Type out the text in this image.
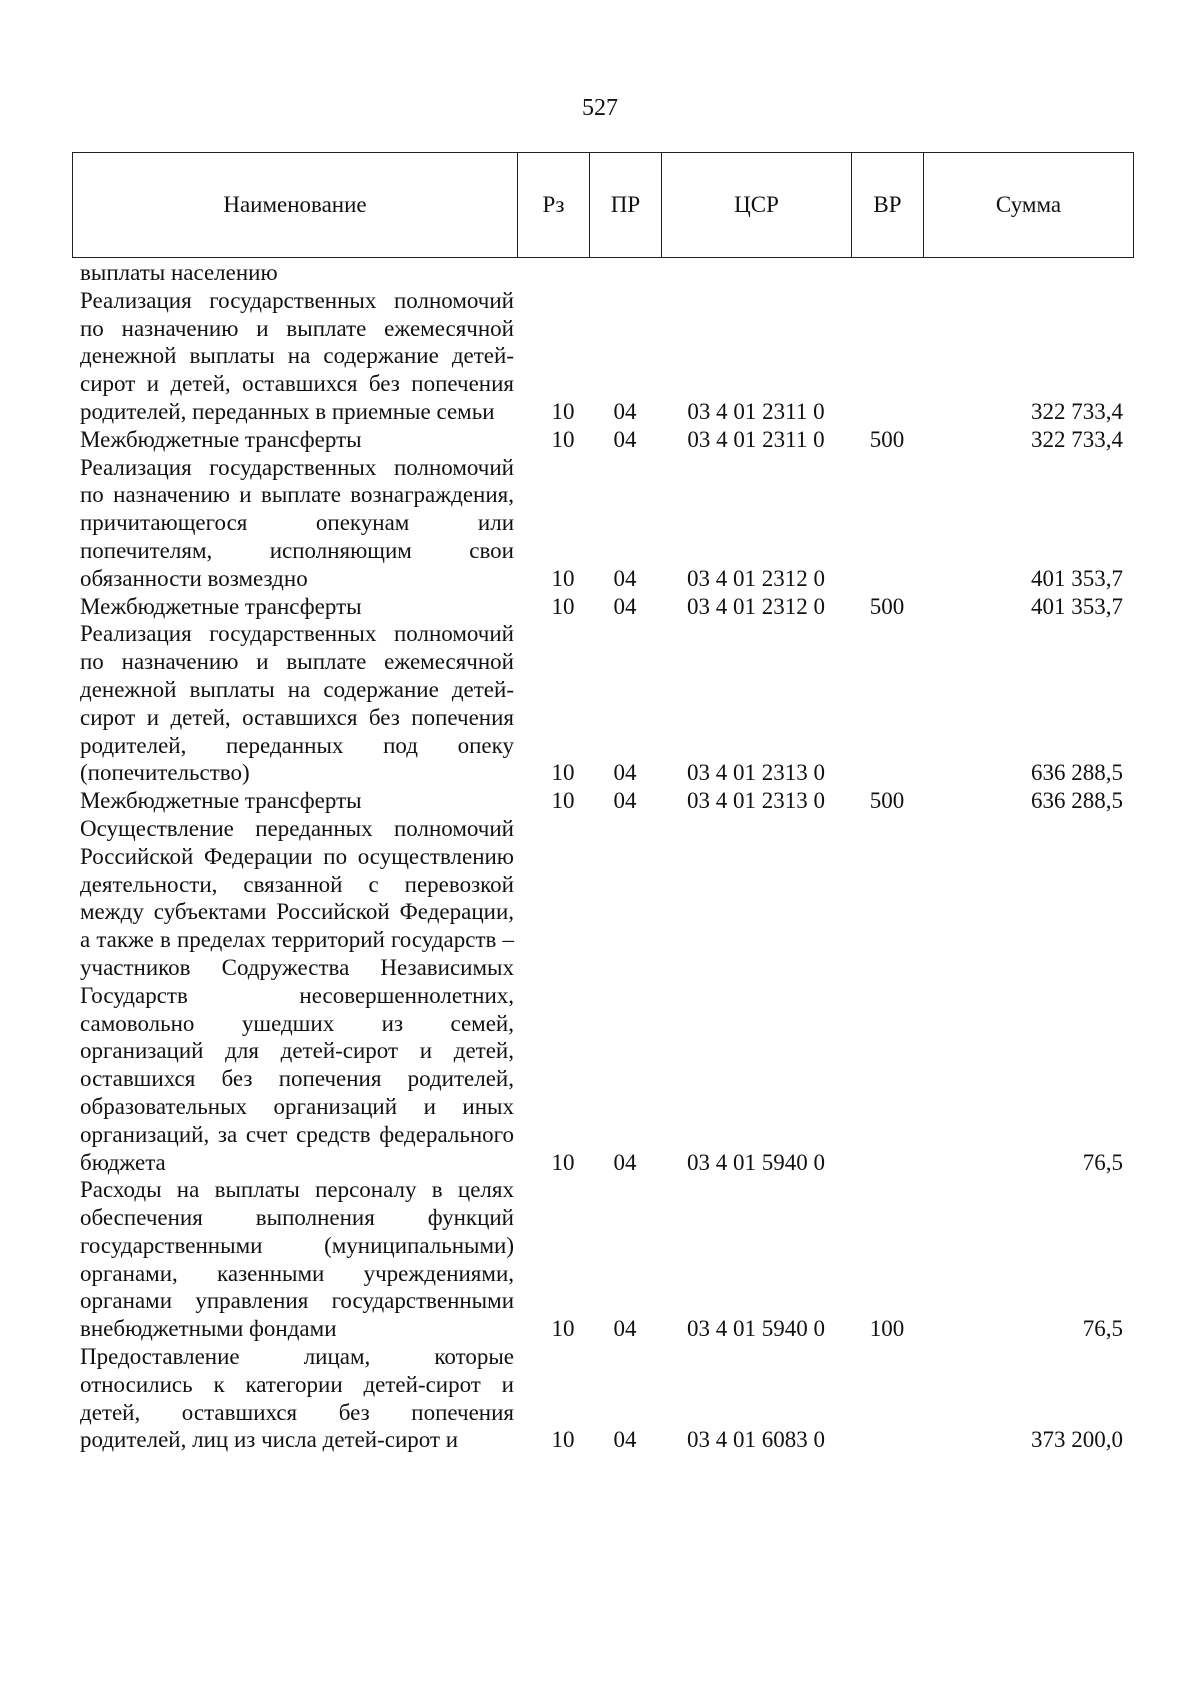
527
Наименование	Рз	ПР	ЦСР	ВР	Сумма
выплаты населению					
Реализация государственных полномочий по назначению и выплате ежемесячной денежной выплаты на содержание детей-сирот и детей, оставшихся без попечения родителей, переданных в приемные семьи	10	04	03 4 01 2311 0		322 733,4
Межбюджетные трансферты	10	04	03 4 01 2311 0	500	322 733,4
Реализация государственных полномочий по назначению и выплате вознаграждения, причитающегося опекунам или попечителям, исполняющим свои обязанности возмездно	10	04	03 4 01 2312 0		401 353,7
Межбюджетные трансферты	10	04	03 4 01 2312 0	500	401 353,7
Реализация государственных полномочий по назначению и выплате ежемесячной денежной выплаты на содержание детей-сирот и детей, оставшихся без попечения родителей, переданных под опеку (попечительство)	10	04	03 4 01 2313 0		636 288,5
Межбюджетные трансферты	10	04	03 4 01 2313 0	500	636 288,5
Осуществление переданных полномочий Российской Федерации по осуществлению деятельности, связанной с перевозкой между субъектами Российской Федерации, а также в пределах территорий государств – участников Содружества Независимых Государств несовершеннолетних, самовольно ушедших из семей, организаций для детей-сирот и детей, оставшихся без попечения родителей, образовательных организаций и иных организаций, за счет средств федерального бюджета	10	04	03 4 01 5940 0		76,5
Расходы на выплаты персоналу в целях обеспечения выполнения функций государственными (муниципальными) органами, казенными учреждениями, органами управления государственными внебюджетными фондами	10	04	03 4 01 5940 0	100	76,5
Предоставление лицам, которые относились к категории детей-сирот и детей, оставшихся без попечения родителей, лиц из числа детей-сирот и	10	04	03 4 01 6083 0		373 200,0
